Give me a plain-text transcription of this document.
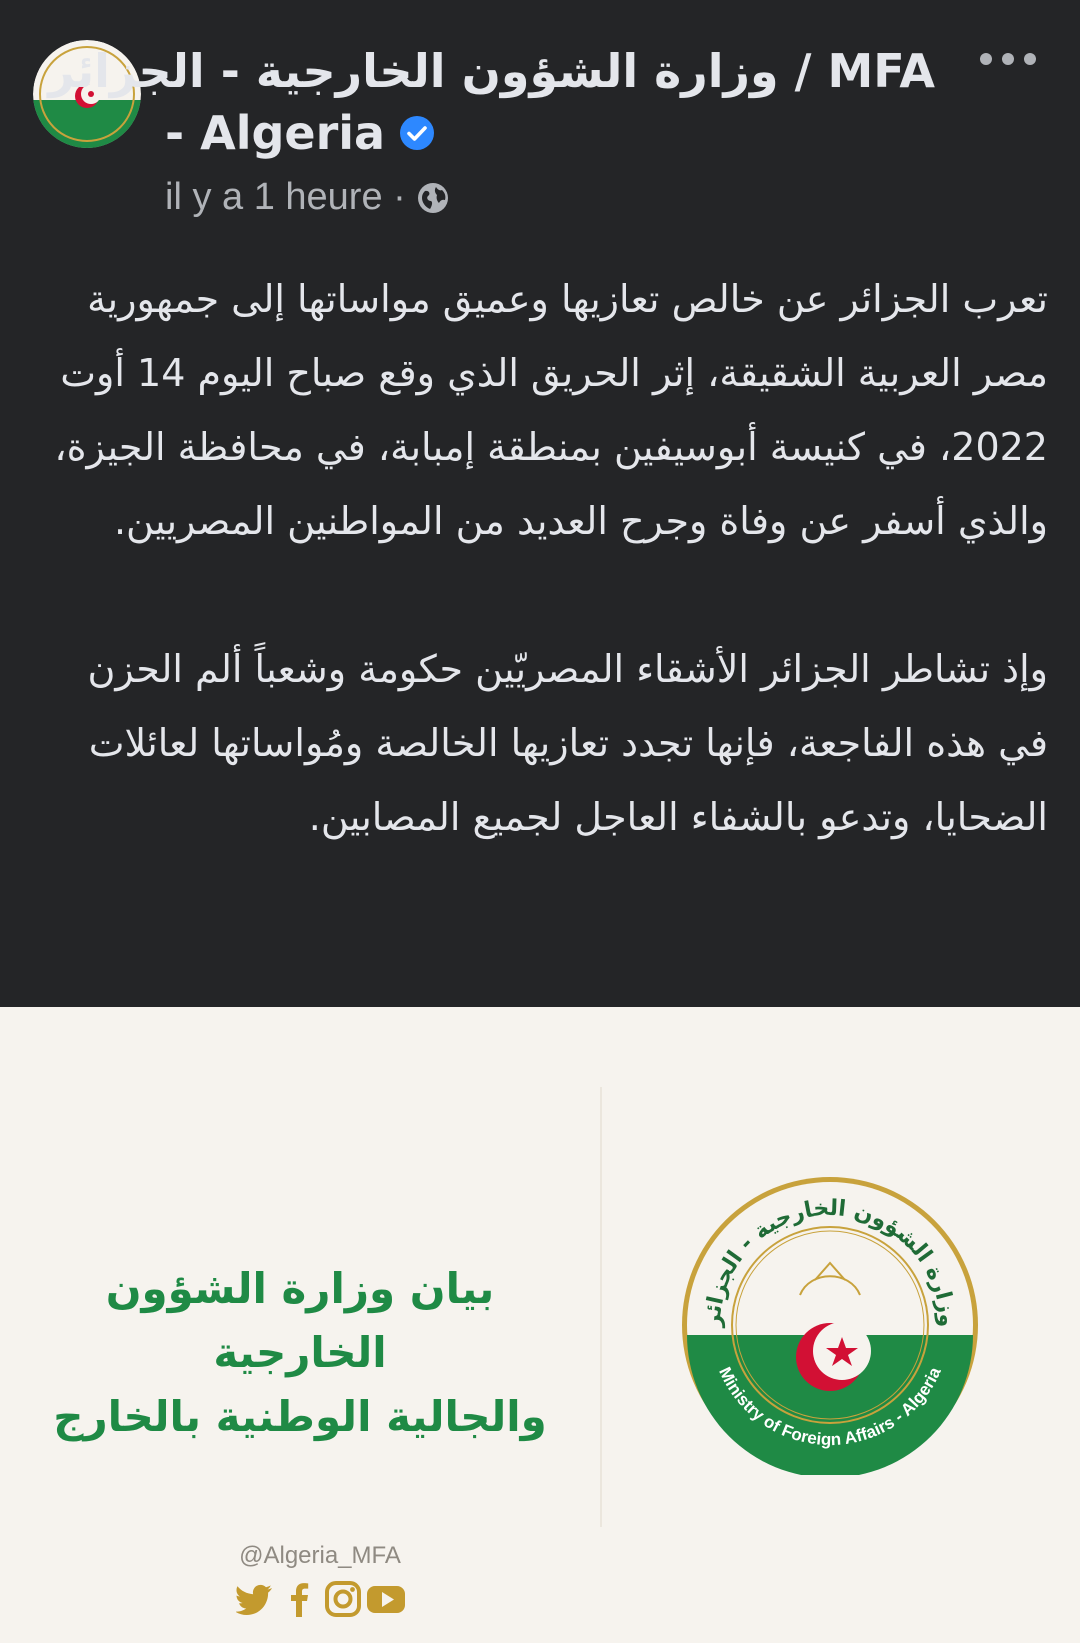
MFA / وزارة الشؤون الخارجية - الجزائر
- Algeria
il y a 1 heure ·

تعرب الجزائر عن خالص تعازيها وعميق مواساتها إلى جمهورية مصر العربية الشقيقة، إثر الحريق الذي وقع صباح اليوم 14 أوت 2022، في كنيسة أبوسيفين بمنطقة إمبابة، في محافظة الجيزة، والذي أسفر عن وفاة وجرح العديد من المواطنين المصريين.

وإذ تشاطر الجزائر الأشقاء المصريّين حكومة وشعباً ألم الحزن في هذه الفاجعة، فإنها تجدد تعازيها الخالصة ومُواساتها لعائلات الضحايا، وتدعو بالشفاء العاجل لجميع المصابين.

بيان وزارة الشؤون الخارجية
والجالية الوطنية بالخارج
وزارة الشؤون الخارجية - الجزائر
Ministry of Foreign Affairs - Algeria
@Algeria_MFA
